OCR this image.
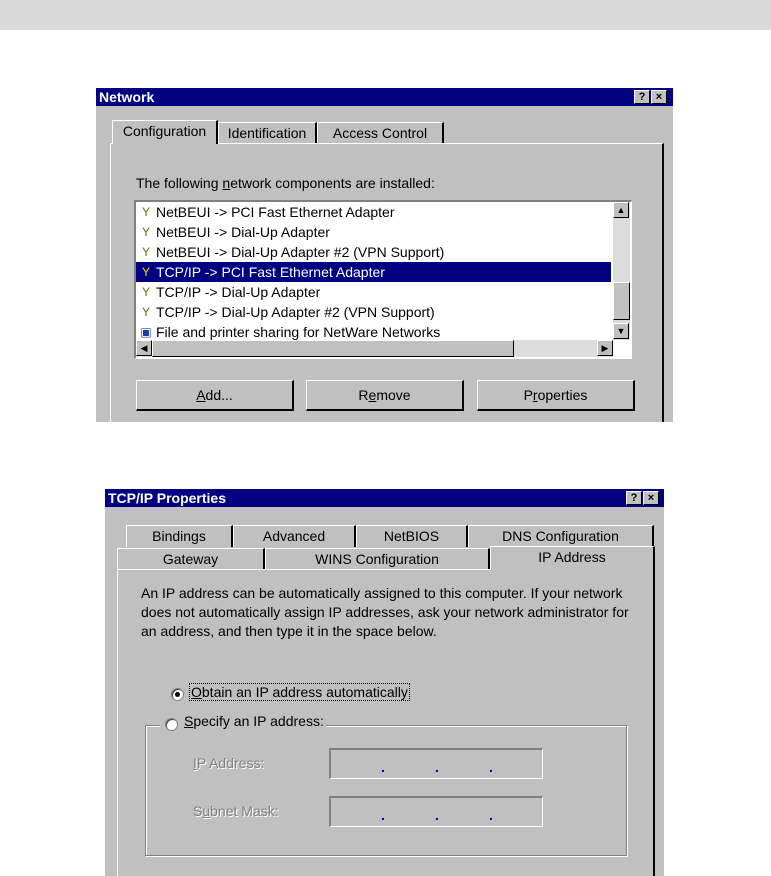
Network	? ×
Configuration	Identification	Access Control
The following network components are installed:
Y NetBEUI -> PCI Fast Ethernet Adapter
Y NetBEUI -> Dial-Up Adapter
Y NetBEUI -> Dial-Up Adapter #2 (VPN Support)
Y TCP/IP -> PCI Fast Ethernet Adapter
Y TCP/IP -> Dial-Up Adapter
Y TCP/IP -> Dial-Up Adapter #2 (VPN Support)
▣ File and printer sharing for NetWare Networks
▲
▼
◀	▶
Add...	Remove	Properties
TCP/IP Properties	? ×
Bindings	Advanced	NetBIOS	DNS Configuration
Gateway	WINS Configuration	IP Address
An IP address can be automatically assigned to this computer. If your network does not automatically assign IP addresses, ask your network administrator for an address, and then type it in the space below.
Obtain an IP address automatically
Specify an IP address:
IP Address:	.	.	.
Subnet Mask:	.	.	.
